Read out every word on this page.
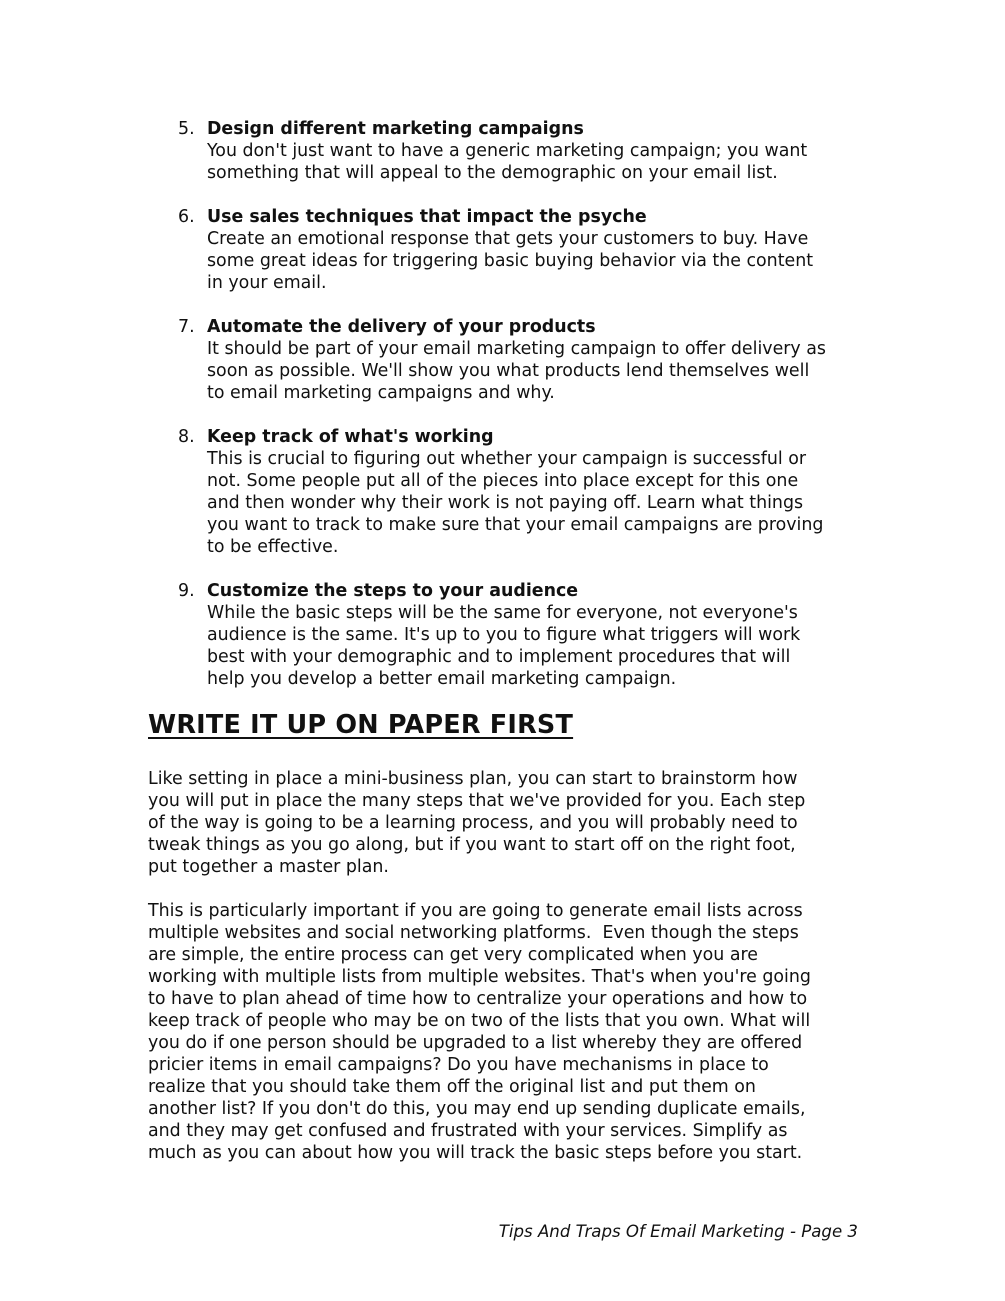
5. Design different marketing campaigns
You don't just want to have a generic marketing campaign; you want
something that will appeal to the demographic on your email list.
6. Use sales techniques that impact the psyche
Create an emotional response that gets your customers to buy. Have
some great ideas for triggering basic buying behavior via the content
in your email.
7. Automate the delivery of your products
It should be part of your email marketing campaign to offer delivery as
soon as possible. We'll show you what products lend themselves well
to email marketing campaigns and why.
8. Keep track of what's working
This is crucial to figuring out whether your campaign is successful or
not. Some people put all of the pieces into place except for this one
and then wonder why their work is not paying off. Learn what things
you want to track to make sure that your email campaigns are proving
to be effective.
9. Customize the steps to your audience
While the basic steps will be the same for everyone, not everyone's
audience is the same. It's up to you to figure what triggers will work
best with your demographic and to implement procedures that will
help you develop a better email marketing campaign.
WRITE IT UP ON PAPER FIRST

Like setting in place a mini-business plan, you can start to brainstorm how
you will put in place the many steps that we've provided for you. Each step
of the way is going to be a learning process, and you will probably need to
tweak things as you go along, but if you want to start off on the right foot,
put together a master plan.

This is particularly important if you are going to generate email lists across
multiple websites and social networking platforms.  Even though the steps
are simple, the entire process can get very complicated when you are
working with multiple lists from multiple websites. That's when you're going
to have to plan ahead of time how to centralize your operations and how to
keep track of people who may be on two of the lists that you own. What will
you do if one person should be upgraded to a list whereby they are offered
pricier items in email campaigns? Do you have mechanisms in place to
realize that you should take them off the original list and put them on
another list? If you don't do this, you may end up sending duplicate emails,
and they may get confused and frustrated with your services. Simplify as
much as you can about how you will track the basic steps before you start.

Tips And Traps Of Email Marketing - Page 3
